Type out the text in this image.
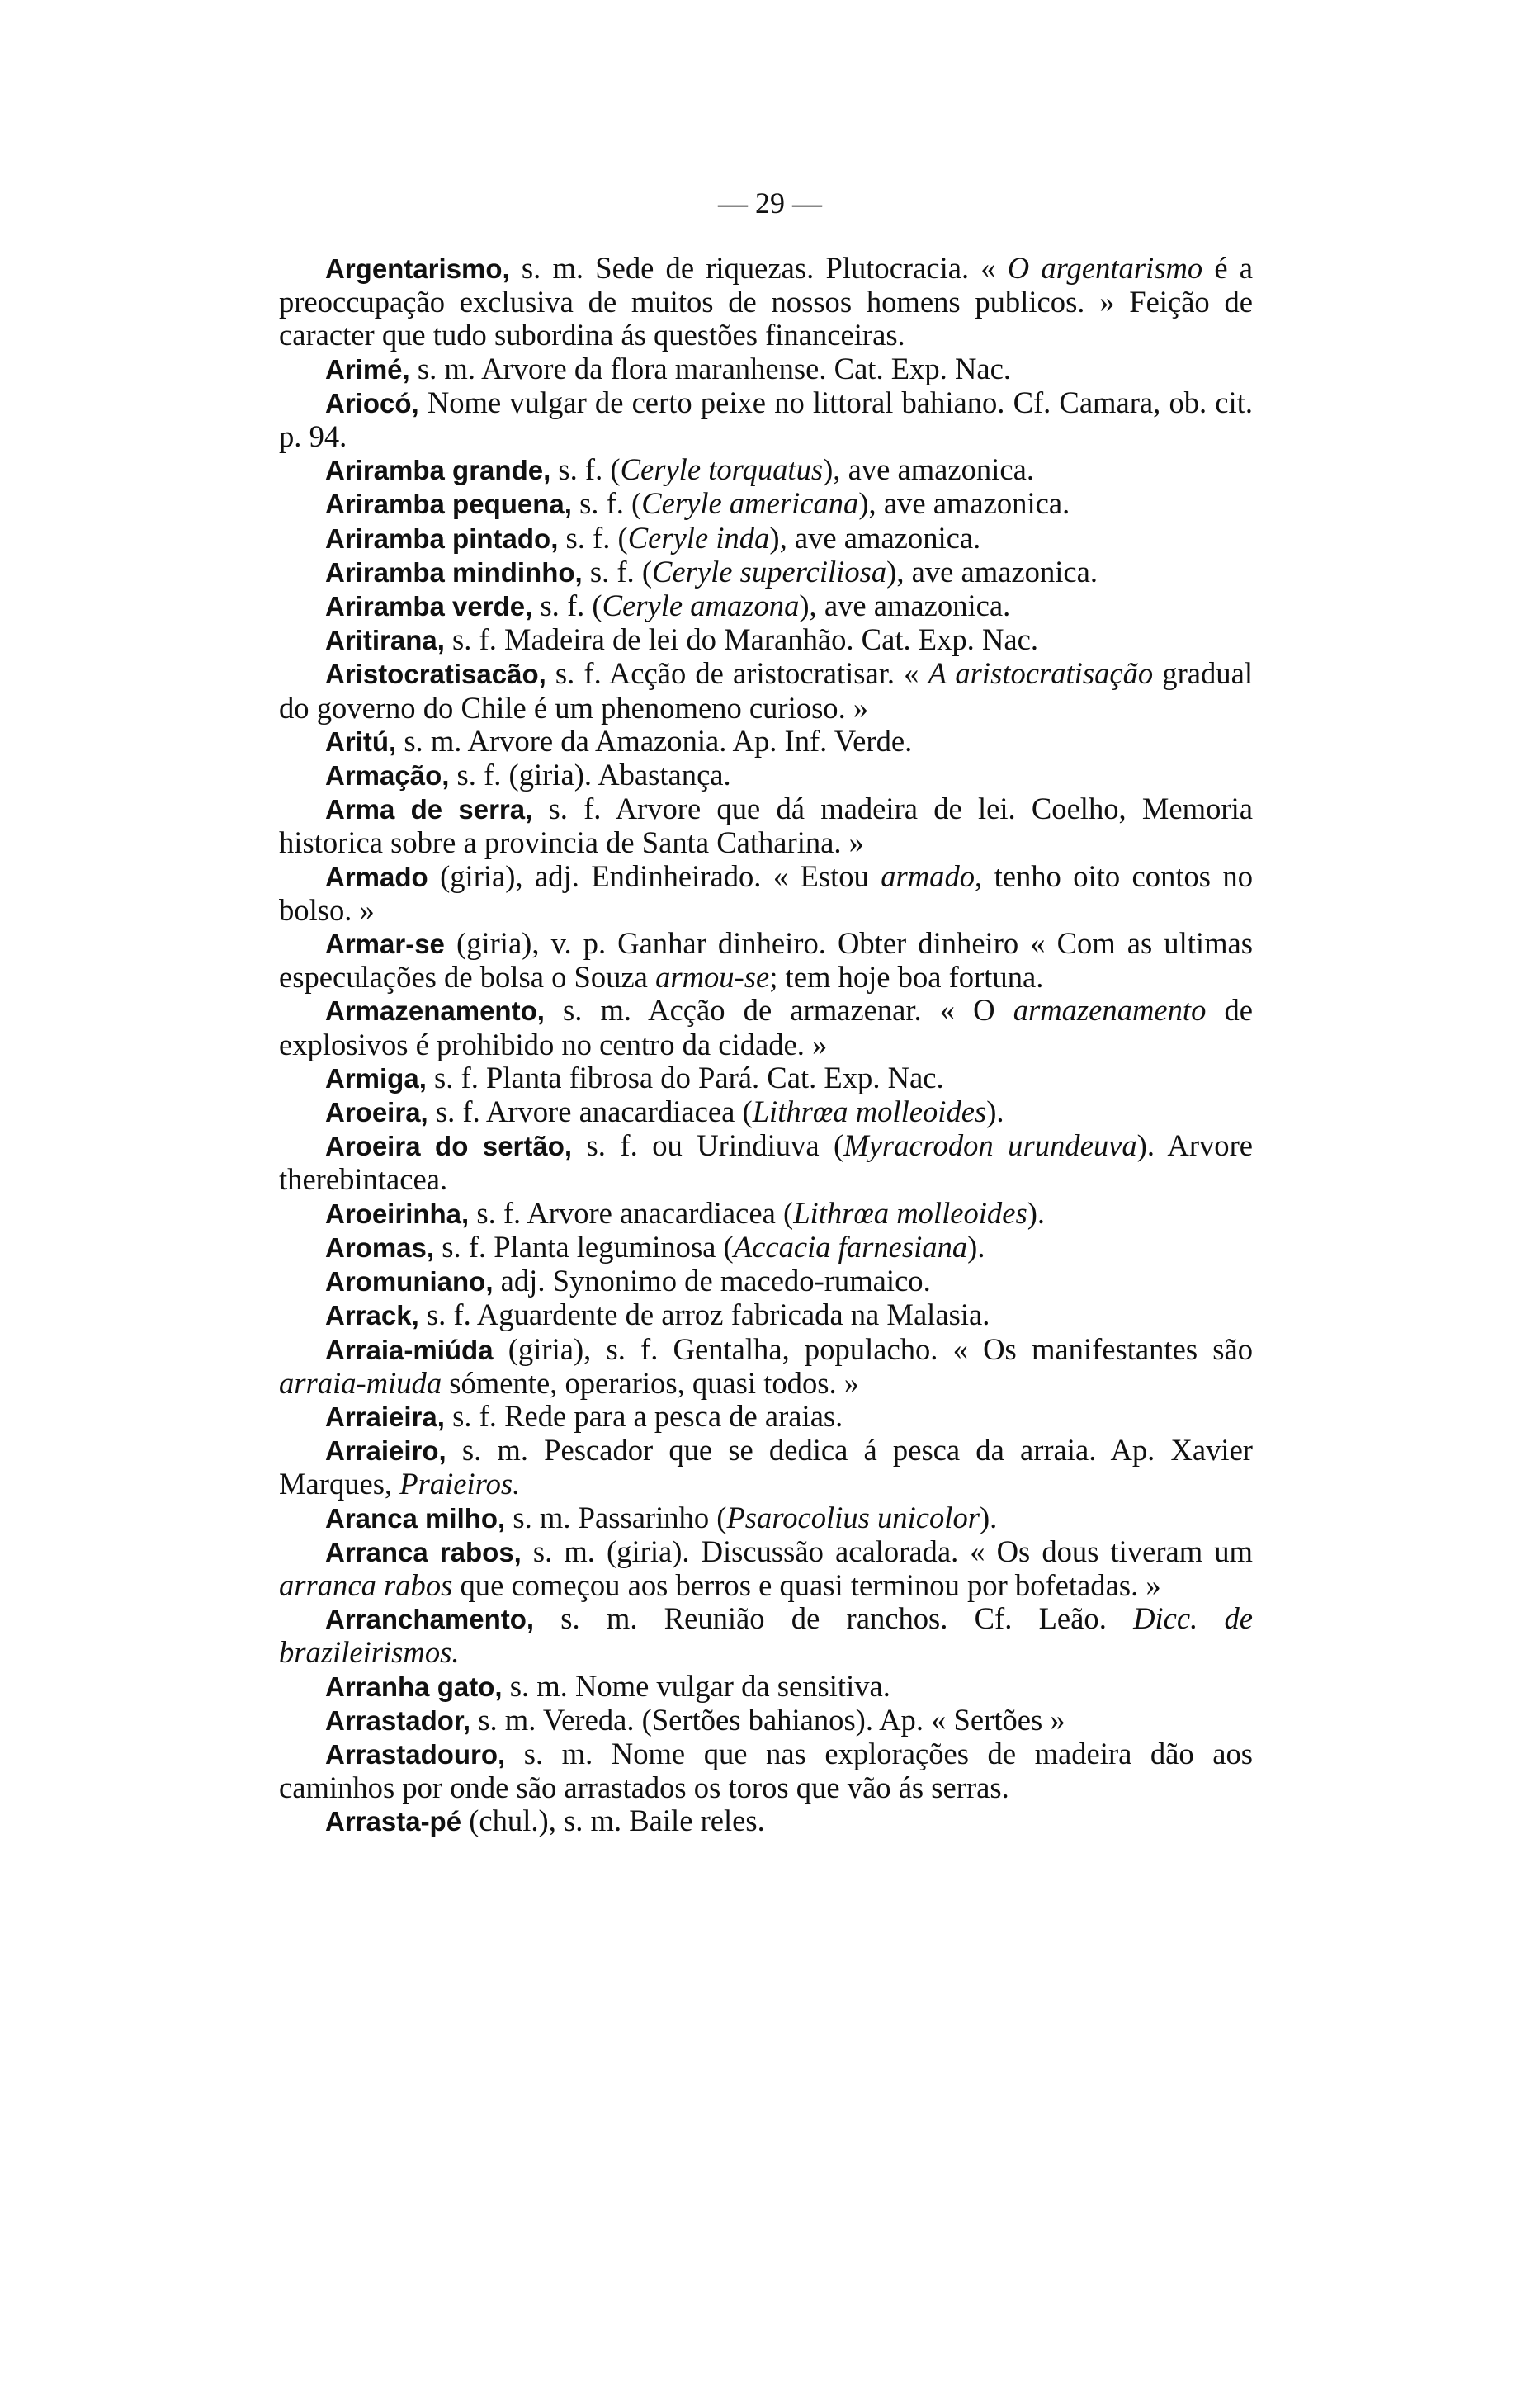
— 29 —

Argentarismo, s. m. Sede de riquezas. Plutocracia. « O argentarismo é a preoccupação exclusiva de muitos de nossos homens publicos. » Feição de caracter que tudo subordina ás questões financeiras.

Arimé, s. m. Arvore da flora maranhense. Cat. Exp. Nac.

Ariocó, Nome vulgar de certo peixe no littoral bahiano. Cf. Camara, ob. cit. p. 94.

Ariramba grande, s. f. (Ceryle torquatus), ave amazonica.

Ariramba pequena, s. f. (Ceryle americana), ave amazonica.

Ariramba pintado, s. f. (Ceryle inda), ave amazonica.

Ariramba mindinho, s. f. (Ceryle superciliosa), ave amazonica.

Ariramba verde, s. f. (Ceryle amazona), ave amazonica.

Aritirana, s. f. Madeira de lei do Maranhão. Cat. Exp. Nac.

Aristocratisacão, s. f. Acção de aristocratisar. « A aristocratisação gradual do governo do Chile é um phenomeno curioso. »

Aritú, s. m. Arvore da Amazonia. Ap. Inf. Verde.

Armação, s. f. (giria). Abastança.

Arma de serra, s. f. Arvore que dá madeira de lei. Coelho, Memoria historica sobre a provincia de Santa Catharina. »

Armado (giria), adj. Endinheirado. « Estou armado, tenho oito contos no bolso. »

Armar-se (giria), v. p. Ganhar dinheiro. Obter dinheiro « Com as ultimas especulações de bolsa o Souza armou-se; tem hoje boa fortuna.

Armazenamento, s. m. Acção de armazenar. « O armazenamento de explosivos é prohibido no centro da cidade. »

Armiga, s. f. Planta fibrosa do Pará. Cat. Exp. Nac.

Aroeira, s. f. Arvore anacardiacea (Lithrœa molleoides).

Aroeira do sertão, s. f. ou Urindiuva (Myracrodon urundeuva). Arvore therebintacea.

Aroeirinha, s. f. Arvore anacardiacea (Lithrœa molleoides).

Aromas, s. f. Planta leguminosa (Accacia farnesiana).

Aromuniano, adj. Synonimo de macedo-rumaico.

Arrack, s. f. Aguardente de arroz fabricada na Malasia.

Arraia-miúda (giria), s. f. Gentalha, populacho. « Os manifestantes são arraia-miuda sómente, operarios, quasi todos. »

Arraieira, s. f. Rede para a pesca de araias.

Arraieiro, s. m. Pescador que se dedica á pesca da arraia. Ap. Xavier Marques, Praieiros.

Aranca milho, s. m. Passarinho (Psarocolius unicolor).

Arranca rabos, s. m. (giria). Discussão acalorada. « Os dous tiveram um arranca rabos que começou aos berros e quasi terminou por bofetadas. »

Arranchamento, s. m. Reunião de ranchos. Cf. Leão. Dicc. de brazileirismos.

Arranha gato, s. m. Nome vulgar da sensitiva.

Arrastador, s. m. Vereda. (Sertões bahianos). Ap. « Sertões »

Arrastadouro, s. m. Nome que nas explorações de madeira dão aos caminhos por onde são arrastados os toros que vão ás serras.

Arrasta-pé (chul.), s. m. Baile reles.
